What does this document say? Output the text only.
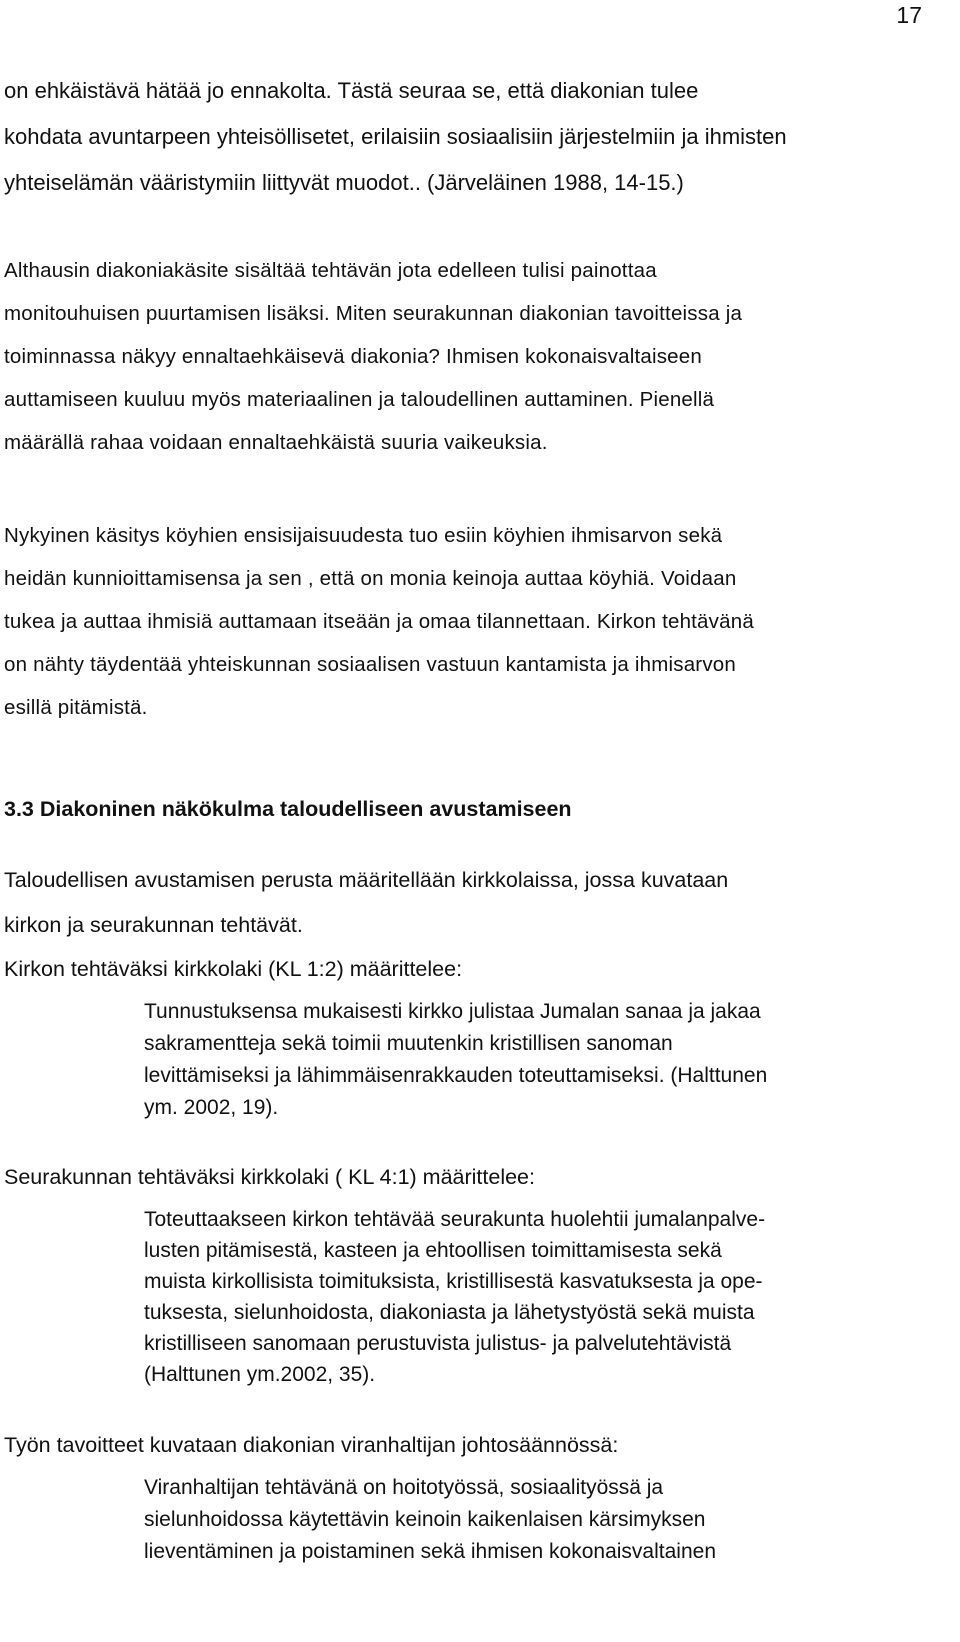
17
on ehkäistävä hätää jo ennakolta. Tästä seuraa se, että diakonian tulee
kohdata avuntarpeen yhteisöllisetet, erilaisiin sosiaalisiin järjestelmiin ja ihmisten
yhteiselämän vääristymiin liittyvät muodot.. (Järveläinen 1988, 14-15.)
Althausin diakoniakäsite sisältää tehtävän jota edelleen tulisi painottaa
monitouhuisen puurtamisen lisäksi. Miten seurakunnan diakonian tavoitteissa ja
toiminnassa näkyy ennaltaehkäisevä diakonia? Ihmisen kokonaisvaltaiseen
auttamiseen kuuluu myös materiaalinen ja taloudellinen auttaminen. Pienellä
määrällä rahaa voidaan ennaltaehkäistä suuria vaikeuksia.
Nykyinen käsitys köyhien ensisijaisuudesta tuo esiin köyhien ihmisarvon sekä
heidän kunnioittamisensa ja sen , että on monia keinoja auttaa köyhiä. Voidaan
tukea ja auttaa ihmisiä auttamaan itseään ja omaa tilannettaan. Kirkon tehtävänä
on nähty täydentää yhteiskunnan sosiaalisen vastuun kantamista ja ihmisarvon
esillä pitämistä.
3.3 Diakoninen näkökulma taloudelliseen avustamiseen
Taloudellisen avustamisen perusta määritellään kirkkolaissa, jossa kuvataan
kirkon ja seurakunnan tehtävät.
Kirkon tehtäväksi kirkkolaki (KL 1:2) määrittelee:
Tunnustuksensa mukaisesti kirkko julistaa Jumalan sanaa ja jakaa
sakramentteja sekä toimii muutenkin kristillisen sanoman
levittämiseksi ja lähimmäisenrakkauden toteuttamiseksi. (Halttunen
ym. 2002, 19).
Seurakunnan tehtäväksi kirkkolaki ( KL 4:1) määrittelee:
Toteuttaakseen kirkon tehtävää seurakunta huolehtii jumalanpalve-
lusten pitämisestä, kasteen ja ehtoollisen toimittamisesta sekä
muista kirkollisista toimituksista, kristillisestä kasvatuksesta ja ope-
tuksesta, sielunhoidosta, diakoniasta ja lähetystyöstä sekä muista
kristilliseen sanomaan perustuvista julistus- ja palvelutehtävistä
(Halttunen ym.2002, 35).
Työn tavoitteet kuvataan diakonian viranhaltijan johtosäännössä:
Viranhaltijan tehtävänä on hoitotyössä, sosiaalityössä ja
sielunhoidossa käytettävin keinoin kaikenlaisen kärsimyksen
lieventäminen ja poistaminen sekä ihmisen kokonaisvaltainen
